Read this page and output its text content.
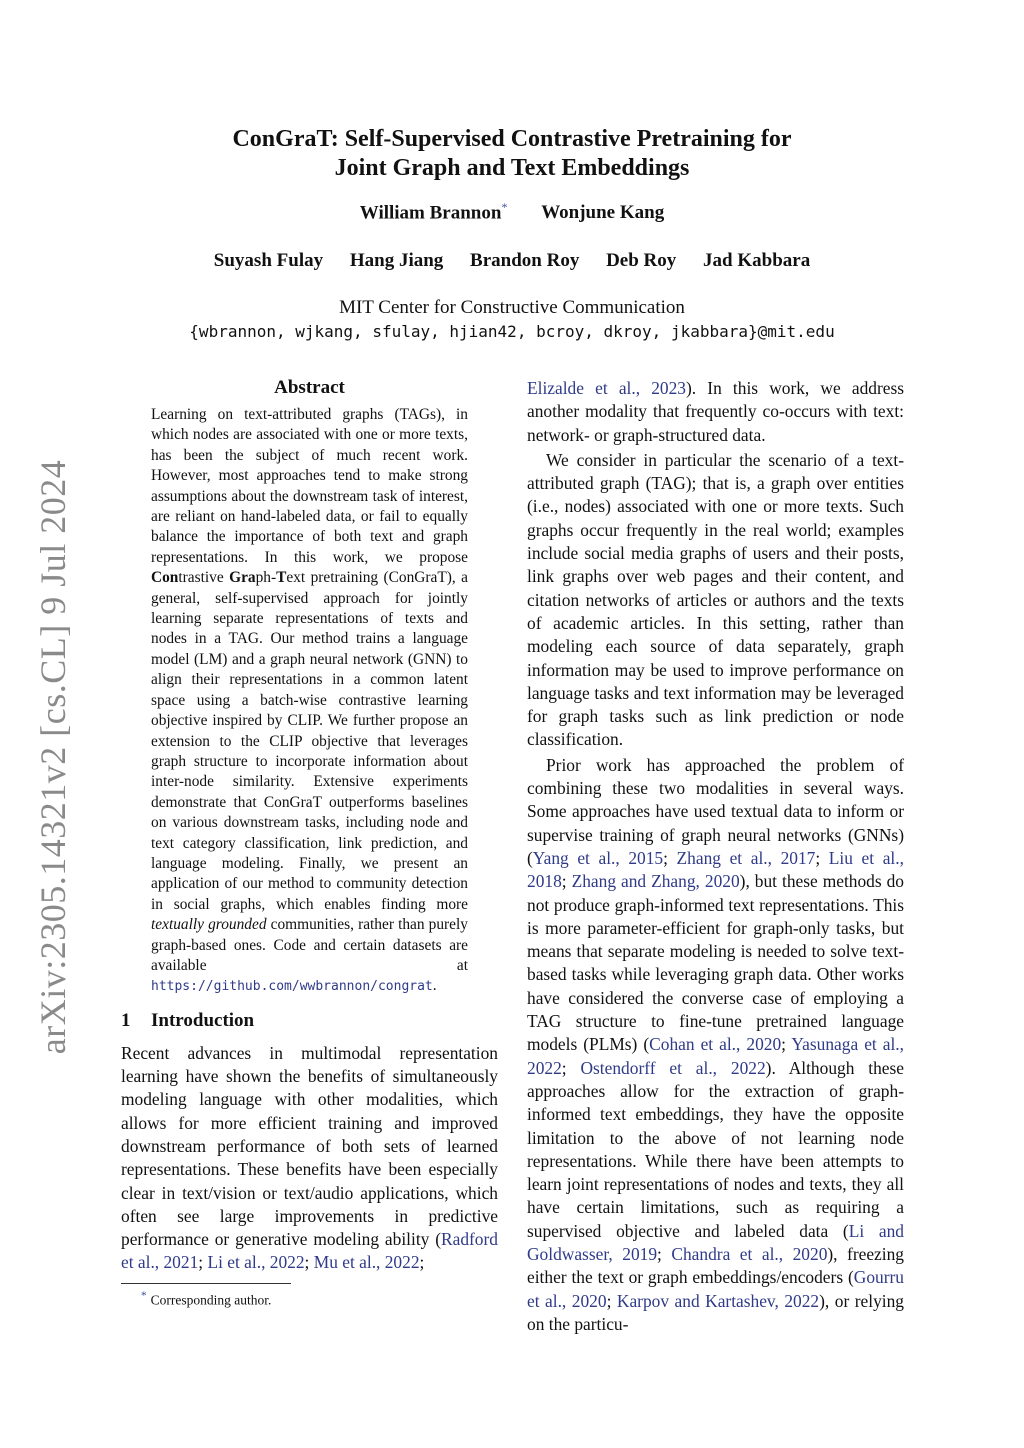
arXiv:2305.14321v2 [cs.CL] 9 Jul 2024
ConGraT: Self-Supervised Contrastive Pretraining for
Joint Graph and Text Embeddings
William Brannon* Wonjune Kang
Suyash Fulay Hang Jiang Brandon Roy Deb Roy Jad Kabbara
MIT Center for Constructive Communication
{wbrannon, wjkang, sfulay, hjian42, bcroy, dkroy, jkabbara}@mit.edu
Abstract

Learning on text-attributed graphs (TAGs), in which nodes are associated with one or more texts, has been the subject of much recent work. However, most approaches tend to make strong assumptions about the downstream task of interest, are reliant on hand-labeled data, or fail to equally balance the importance of both text and graph representations. In this work, we propose Contrastive Graph-Text pretraining (ConGraT), a general, self-supervised approach for jointly learning separate representations of texts and nodes in a TAG. Our method trains a language model (LM) and a graph neural network (GNN) to align their representations in a common latent space using a batch-wise contrastive learning objective inspired by CLIP. We further propose an extension to the CLIP objective that leverages graph structure to incorporate information about inter-node similarity. Extensive experiments demonstrate that ConGraT outperforms baselines on various downstream tasks, including node and text category classification, link prediction, and language modeling. Finally, we present an application of our method to community detection in social graphs, which enables finding more textually grounded communities, rather than purely graph-based ones. Code and certain datasets are available at https://github.com/wwbrannon/congrat.

1 Introduction

Recent advances in multimodal representation learning have shown the benefits of simultaneously modeling language with other modalities, which allows for more efficient training and improved downstream performance of both sets of learned representations. These benefits have been especially clear in text/vision or text/audio applications, which often see large improvements in predictive performance or generative modeling ability (Radford et al., 2021; Li et al., 2022; Mu et al., 2022;

* Corresponding author.

Elizalde et al., 2023). In this work, we address another modality that frequently co-occurs with text: network- or graph-structured data.

We consider in particular the scenario of a text-attributed graph (TAG); that is, a graph over entities (i.e., nodes) associated with one or more texts. Such graphs occur frequently in the real world; examples include social media graphs of users and their posts, link graphs over web pages and their content, and citation networks of articles or authors and the texts of academic articles. In this setting, rather than modeling each source of data separately, graph information may be used to improve performance on language tasks and text information may be leveraged for graph tasks such as link prediction or node classification.

Prior work has approached the problem of combining these two modalities in several ways. Some approaches have used textual data to inform or supervise training of graph neural networks (GNNs) (Yang et al., 2015; Zhang et al., 2017; Liu et al., 2018; Zhang and Zhang, 2020), but these methods do not produce graph-informed text representations. This is more parameter-efficient for graph-only tasks, but means that separate modeling is needed to solve text-based tasks while leveraging graph data. Other works have considered the converse case of employing a TAG structure to fine-tune pretrained language models (PLMs) (Cohan et al., 2020; Yasunaga et al., 2022; Ostendorff et al., 2022). Although these approaches allow for the extraction of graph-informed text embeddings, they have the opposite limitation to the above of not learning node representations. While there have been attempts to learn joint representations of nodes and texts, they all have certain limitations, such as requiring a supervised objective and labeled data (Li and Goldwasser, 2019; Chandra et al., 2020), freezing either the text or graph embeddings/encoders (Gourru et al., 2020; Karpov and Kartashev, 2022), or relying on the particu-
